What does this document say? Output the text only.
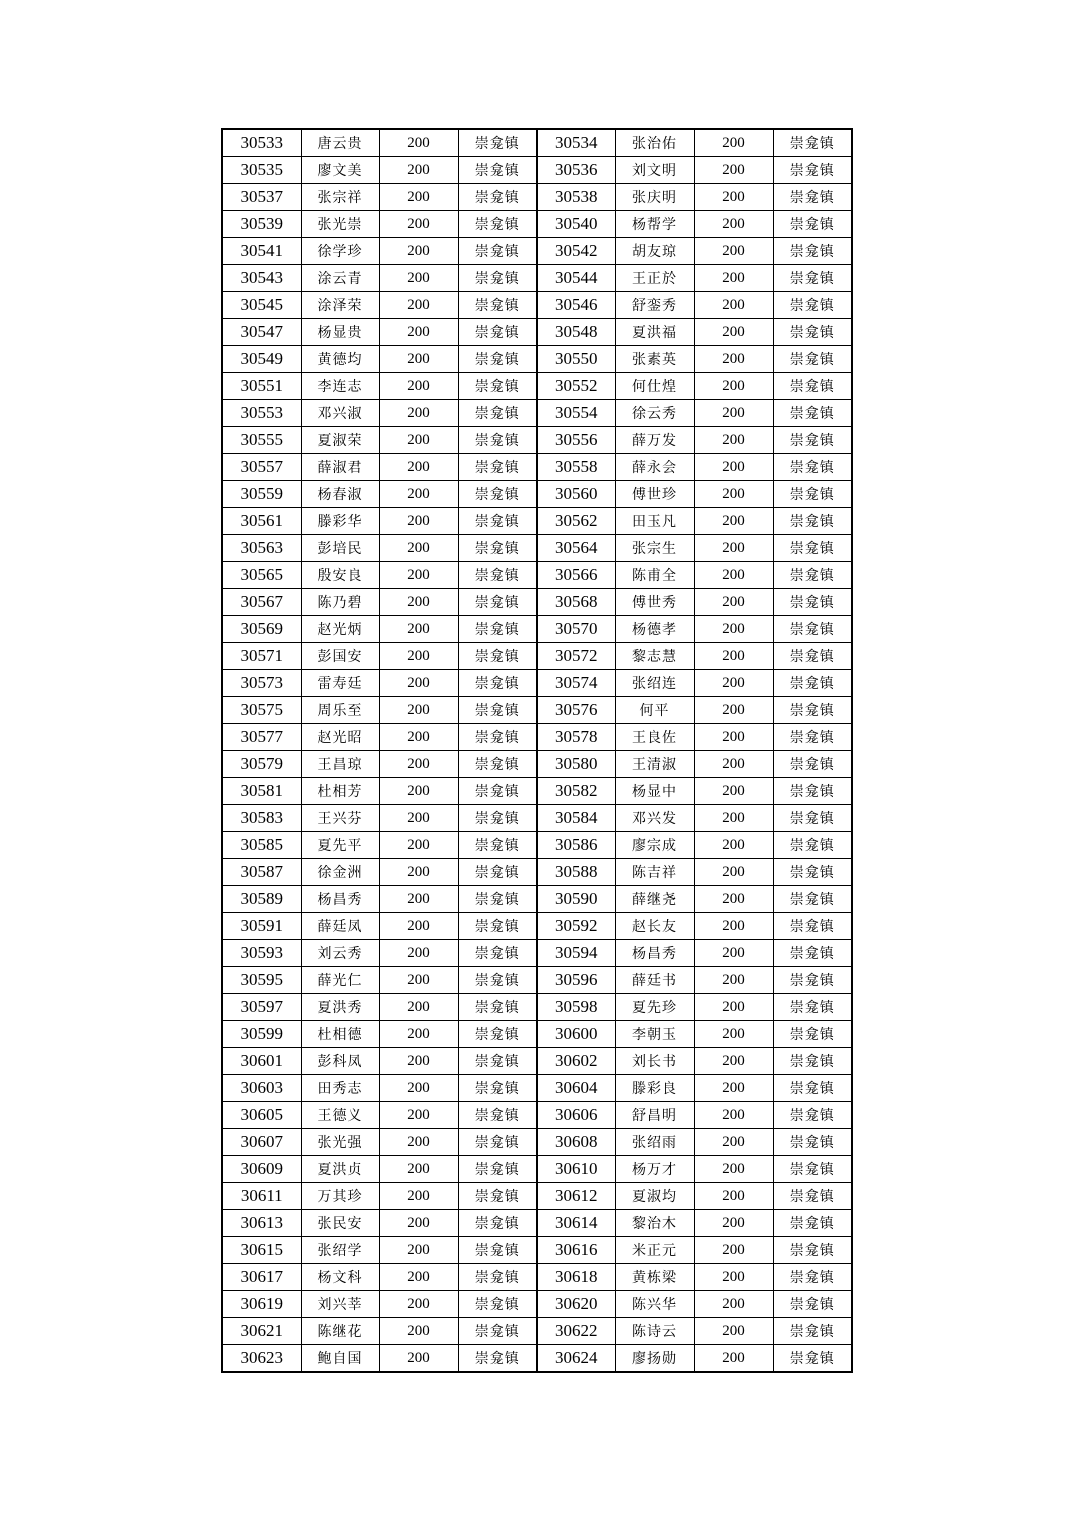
30533	唐云贵	200	崇龛镇	30534	张治佑	200	崇龛镇
30535	廖文美	200	崇龛镇	30536	刘文明	200	崇龛镇
30537	张宗祥	200	崇龛镇	30538	张庆明	200	崇龛镇
30539	张光崇	200	崇龛镇	30540	杨帮学	200	崇龛镇
30541	徐学珍	200	崇龛镇	30542	胡友琼	200	崇龛镇
30543	涂云青	200	崇龛镇	30544	王正於	200	崇龛镇
30545	涂泽荣	200	崇龛镇	30546	舒銮秀	200	崇龛镇
30547	杨显贵	200	崇龛镇	30548	夏洪福	200	崇龛镇
30549	黄德均	200	崇龛镇	30550	张素英	200	崇龛镇
30551	李连志	200	崇龛镇	30552	何仕煌	200	崇龛镇
30553	邓兴淑	200	崇龛镇	30554	徐云秀	200	崇龛镇
30555	夏淑荣	200	崇龛镇	30556	薛万发	200	崇龛镇
30557	薛淑君	200	崇龛镇	30558	薛永会	200	崇龛镇
30559	杨春淑	200	崇龛镇	30560	傅世珍	200	崇龛镇
30561	滕彩华	200	崇龛镇	30562	田玉凡	200	崇龛镇
30563	彭培民	200	崇龛镇	30564	张宗生	200	崇龛镇
30565	殷安良	200	崇龛镇	30566	陈甫全	200	崇龛镇
30567	陈乃碧	200	崇龛镇	30568	傅世秀	200	崇龛镇
30569	赵光炳	200	崇龛镇	30570	杨德孝	200	崇龛镇
30571	彭国安	200	崇龛镇	30572	黎志慧	200	崇龛镇
30573	雷寿廷	200	崇龛镇	30574	张绍连	200	崇龛镇
30575	周乐至	200	崇龛镇	30576	何平	200	崇龛镇
30577	赵光昭	200	崇龛镇	30578	王良佐	200	崇龛镇
30579	王昌琼	200	崇龛镇	30580	王清淑	200	崇龛镇
30581	杜相芳	200	崇龛镇	30582	杨显中	200	崇龛镇
30583	王兴芬	200	崇龛镇	30584	邓兴发	200	崇龛镇
30585	夏先平	200	崇龛镇	30586	廖宗成	200	崇龛镇
30587	徐金洲	200	崇龛镇	30588	陈吉祥	200	崇龛镇
30589	杨昌秀	200	崇龛镇	30590	薛继尧	200	崇龛镇
30591	薛廷凤	200	崇龛镇	30592	赵长友	200	崇龛镇
30593	刘云秀	200	崇龛镇	30594	杨昌秀	200	崇龛镇
30595	薛光仁	200	崇龛镇	30596	薛廷书	200	崇龛镇
30597	夏洪秀	200	崇龛镇	30598	夏先珍	200	崇龛镇
30599	杜相德	200	崇龛镇	30600	李朝玉	200	崇龛镇
30601	彭科凤	200	崇龛镇	30602	刘长书	200	崇龛镇
30603	田秀志	200	崇龛镇	30604	滕彩良	200	崇龛镇
30605	王德义	200	崇龛镇	30606	舒昌明	200	崇龛镇
30607	张光强	200	崇龛镇	30608	张绍雨	200	崇龛镇
30609	夏洪贞	200	崇龛镇	30610	杨万才	200	崇龛镇
30611	万其珍	200	崇龛镇	30612	夏淑均	200	崇龛镇
30613	张民安	200	崇龛镇	30614	黎治木	200	崇龛镇
30615	张绍学	200	崇龛镇	30616	米正元	200	崇龛镇
30617	杨文科	200	崇龛镇	30618	黄栋梁	200	崇龛镇
30619	刘兴莘	200	崇龛镇	30620	陈兴华	200	崇龛镇
30621	陈继花	200	崇龛镇	30622	陈诗云	200	崇龛镇
30623	鲍自国	200	崇龛镇	30624	廖扬勋	200	崇龛镇
